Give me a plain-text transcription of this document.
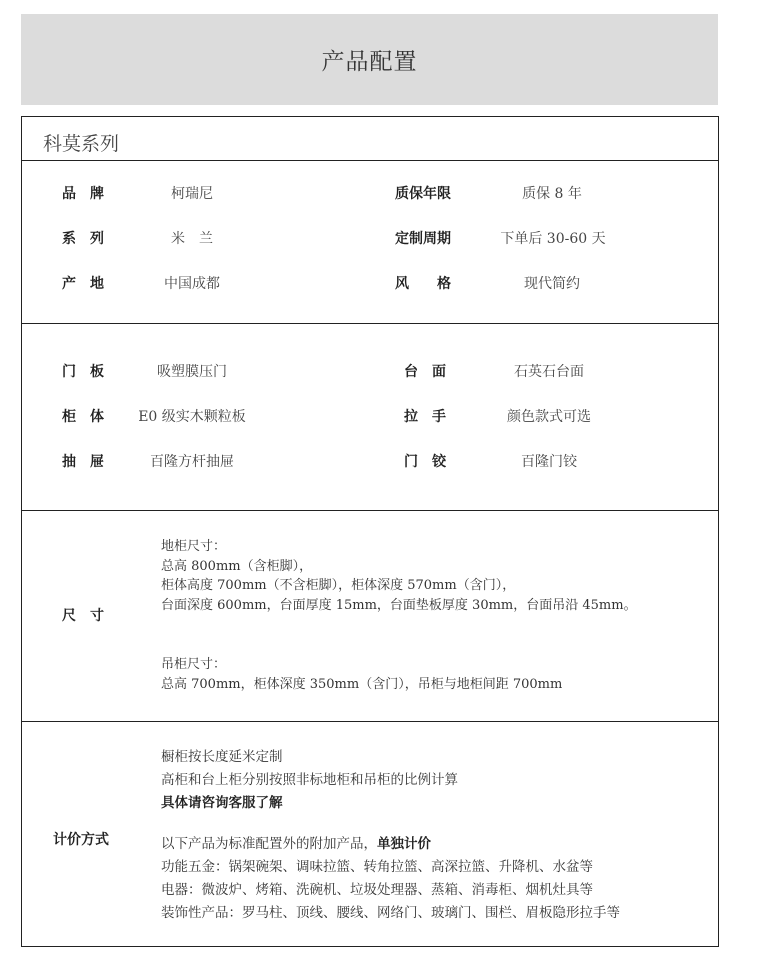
产品配置
科莫系列
品　牌	柯瑞尼	质保年限	质保 8 年
系　列	米　兰	定制周期	下单后 30-60 天
产　地	中国成都	风　　格	现代简约
门　板	吸塑膜压门	台　面	石英石台面
柜　体	E0 级实木颗粒板	拉　手	颜色款式可选
抽　屉	百隆方杆抽屉	门　铰	百隆门铰
尺　寸
地柜尺寸：
总高 800mm（含柜脚），
柜体高度 700mm（不含柜脚），柜体深度 570mm（含门），
台面深度 600mm，台面厚度 15mm，台面垫板厚度 30mm，台面吊沿 45mm。
吊柜尺寸：
总高 700mm，柜体深度 350mm（含门），吊柜与地柜间距 700mm
计价方式
橱柜按长度延米定制
高柜和台上柜分别按照非标地柜和吊柜的比例计算
具体请咨询客服了解
以下产品为标准配置外的附加产品，单独计价
功能五金：锅架碗架、调味拉篮、转角拉篮、高深拉篮、升降机、水盆等
电器：微波炉、烤箱、洗碗机、垃圾处理器、蒸箱、消毒柜、烟机灶具等
装饰性产品：罗马柱、顶线、腰线、网络门、玻璃门、围栏、眉板隐形拉手等
